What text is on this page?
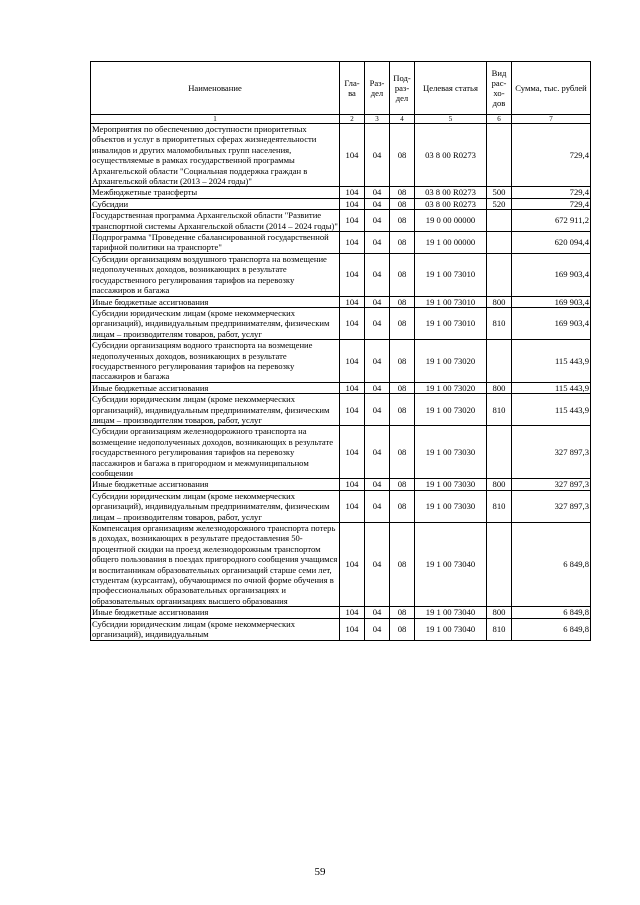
Наименование	Гла-ва	Раз-дел	Под-раз-дел	Целевая статья	Вид рас-хо-дов	Сумма, тыс. рублей
1	2	3	4	5	6	7
Мероприятия по обеспечению доступности приоритетных объектов и услуг в приоритетных сферах жизнедеятельности инвалидов и других маломобильных групп населения, осуществляемые в рамках государственной программы Архангельской области "Социальная поддержка граждан в Архангельской области (2013 – 2024 годы)"	104	04	08	03 8 00 R0273		729,4
Межбюджетные трансферты	104	04	08	03 8 00 R0273	500	729,4
Субсидии	104	04	08	03 8 00 R0273	520	729,4
Государственная программа Архангельской области "Развитие транспортной системы Архангельской области (2014 – 2024 годы)"	104	04	08	19 0 00 00000		672 911,2
Подпрограмма "Проведение сбалансированной государственной тарифной политики на транспорте"	104	04	08	19 1 00 00000		620 094,4
Субсидии организациям воздушного транспорта на возмещение недополученных доходов, возникающих в результате государственного регулирования тарифов на перевозку пассажиров и багажа	104	04	08	19 1 00 73010		169 903,4
Иные бюджетные ассигнования	104	04	08	19 1 00 73010	800	169 903,4
Субсидии юридическим лицам (кроме некоммерческих организаций), индивидуальным предпринимателям, физическим лицам – производителям товаров, работ, услуг	104	04	08	19 1 00 73010	810	169 903,4
Субсидии организациям водного транспорта на возмещение недополученных доходов, возникающих в результате государственного регулирования тарифов на перевозку пассажиров и багажа	104	04	08	19 1 00 73020		115 443,9
Иные бюджетные ассигнования	104	04	08	19 1 00 73020	800	115 443,9
Субсидии юридическим лицам (кроме некоммерческих организаций), индивидуальным предпринимателям, физическим лицам – производителям товаров, работ, услуг	104	04	08	19 1 00 73020	810	115 443,9
Субсидии организациям железнодорожного транспорта на возмещение недополученных доходов, возникающих в результате государственного регулирования тарифов на перевозку пассажиров и багажа в пригородном и межмуниципальном сообщении	104	04	08	19 1 00 73030		327 897,3
Иные бюджетные ассигнования	104	04	08	19 1 00 73030	800	327 897,3
Субсидии юридическим лицам (кроме некоммерческих организаций), индивидуальным предпринимателям, физическим лицам – производителям товаров, работ, услуг	104	04	08	19 1 00 73030	810	327 897,3
Компенсация организациям железнодорожного транспорта потерь в доходах, возникающих в результате предоставления 50-процентной скидки на проезд железнодорожным транспортом общего пользования в поездах пригородного сообщения учащимся и воспитанникам образовательных организаций старше семи лет, студентам (курсантам), обучающимся по очной форме обучения в профессиональных образовательных организациях и образовательных организациях высшего образования	104	04	08	19 1 00 73040		6 849,8
Иные бюджетные ассигнования	104	04	08	19 1 00 73040	800	6 849,8
Субсидии юридическим лицам (кроме некоммерческих организаций), индивидуальным	104	04	08	19 1 00 73040	810	6 849,8
59
